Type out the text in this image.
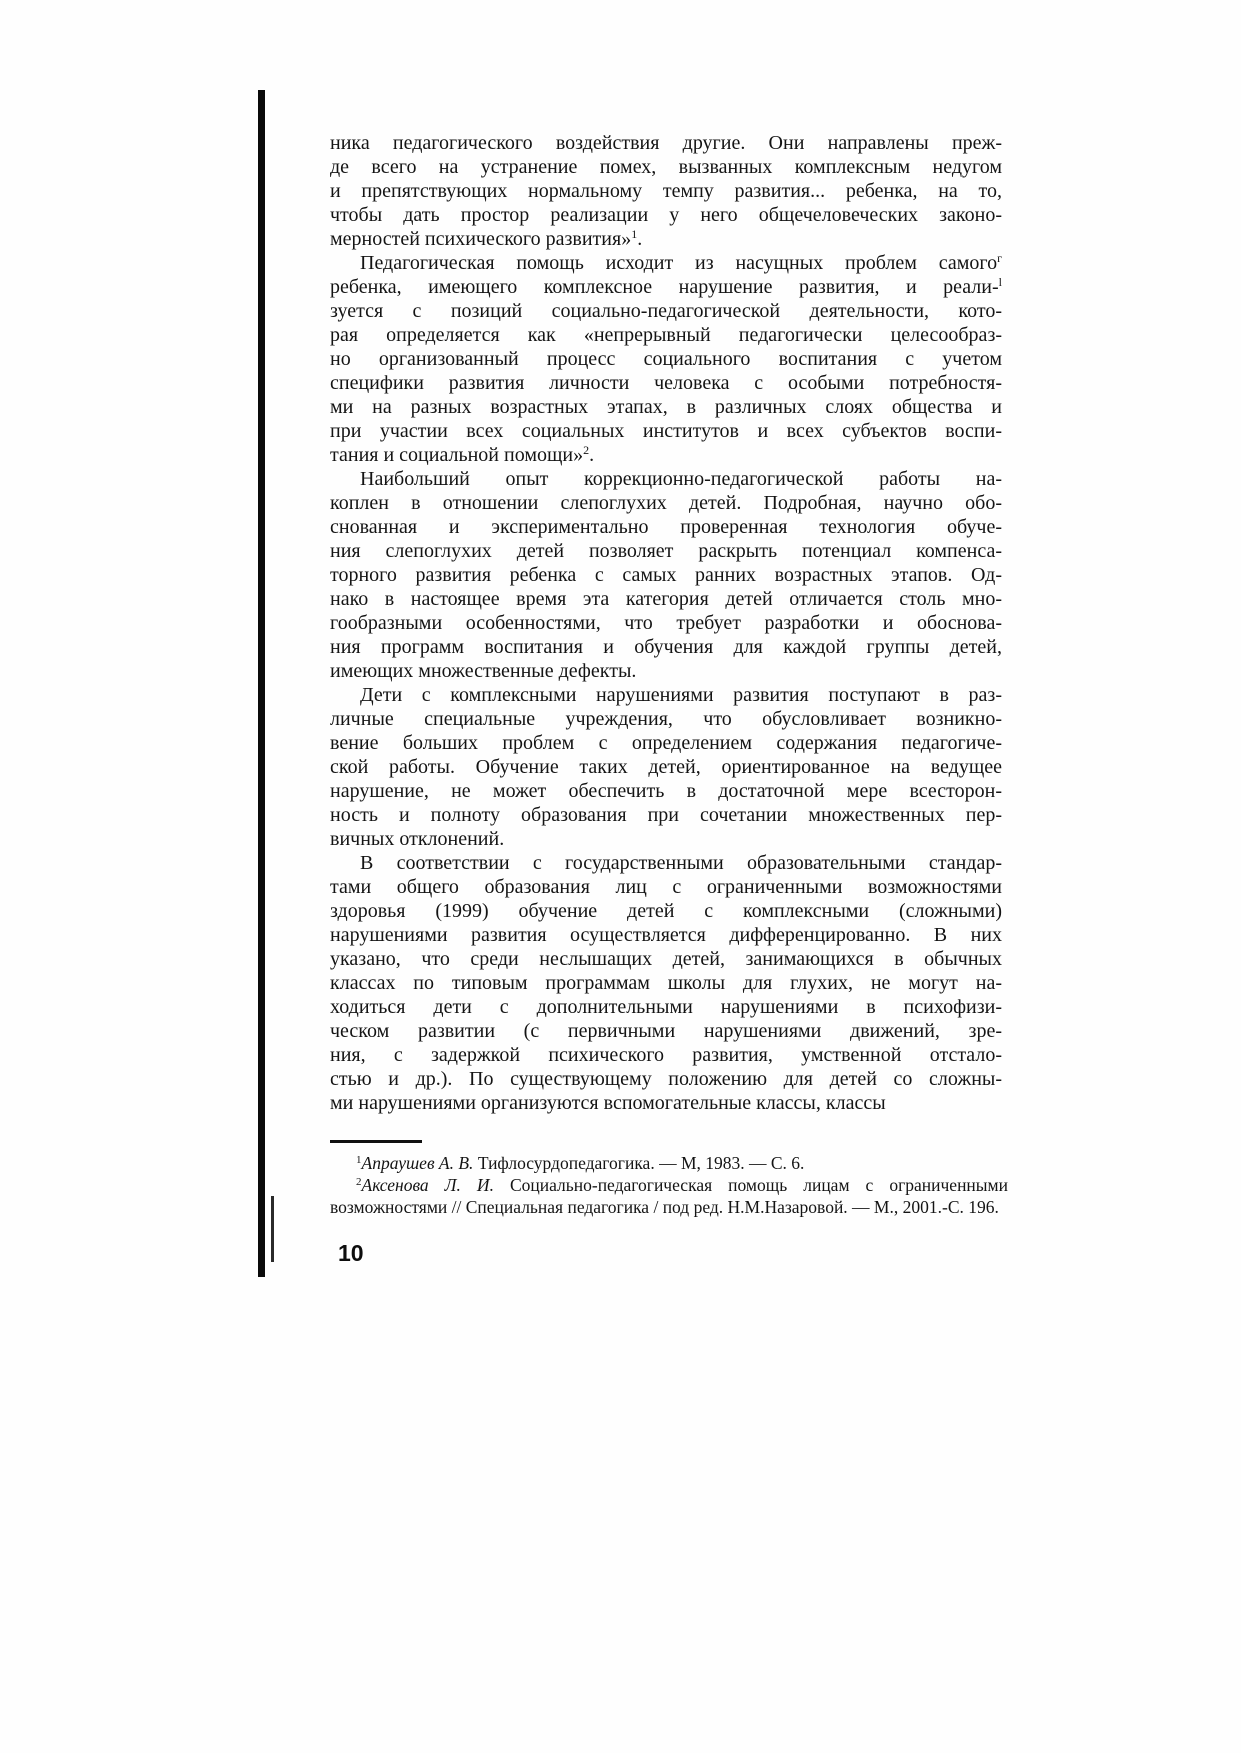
ника педагогического воздействия другие. Они направлены преж-
де всего на устранение помех, вызванных комплексным недугом
и препятствующих нормальному темпу развития... ребенка, на то,
чтобы дать простор реализации у него общечеловеческих законо-
мерностей психического развития»$^1$.
Педагогическая помощь исходит из насущных проблем самого$^г$
ребенка, имеющего комплексное нарушение развития, и реали-$^l$
зуется с позиций социально-педагогической деятельности, кото-
рая определяется как «непрерывный педагогически целесообраз-
но организованный процесс социального воспитания с учетом
специфики развития личности человека с особыми потребностя-
ми на разных возрастных этапах, в различных слоях общества и
при участии всех социальных институтов и всех субъектов воспи-
тания и социальной помощи»$^2$.
Наибольший опыт коррекционно-педагогической работы на-
коплен в отношении слепоглухих детей. Подробная, научно обо-
снованная и экспериментально проверенная технология обуче-
ния слепоглухих детей позволяет раскрыть потенциал компенса-
торного развития ребенка с самых ранних возрастных этапов. Од-
нако в настоящее время эта категория детей отличается столь мно-
гообразными особенностями, что требует разработки и обоснова-
ния программ воспитания и обучения для каждой группы детей,
имеющих множественные дефекты.
Дети с комплексными нарушениями развития поступают в раз-
личные специальные учреждения, что обусловливает возникно-
вение больших проблем с определением содержания педагогиче-
ской работы. Обучение таких детей, ориентированное на ведущее
нарушение, не может обеспечить в достаточной мере всесторон-
ность и полноту образования при сочетании множественных пер-
вичных отклонений.
В соответствии с государственными образовательными стандар-
тами общего образования лиц с ограниченными возможностями
здоровья (1999) обучение детей с комплексными (сложными)
нарушениями развития осуществляется дифференцированно. В них
указано, что среди неслышащих детей, занимающихся в обычных
классах по типовым программам школы для глухих, не могут на-
ходиться дети с дополнительными нарушениями в психофизи-
ческом развитии (с первичными нарушениями движений, зре-
ния, с задержкой психического развития, умственной отстало-
стью и др.). По существующему положению для детей со сложны-
ми нарушениями организуются вспомогательные классы, классы
$^1$Апраушев А. В. Тифлосурдопедагогика. — М, 1983. — С. 6.
$^2$Аксенова Л. И. Социально-педагогическая помощь лицам с ограниченными возможностями // Специальная педагогика / под ред. Н.М.Назаровой. — М., 2001.-С. 196.
10
